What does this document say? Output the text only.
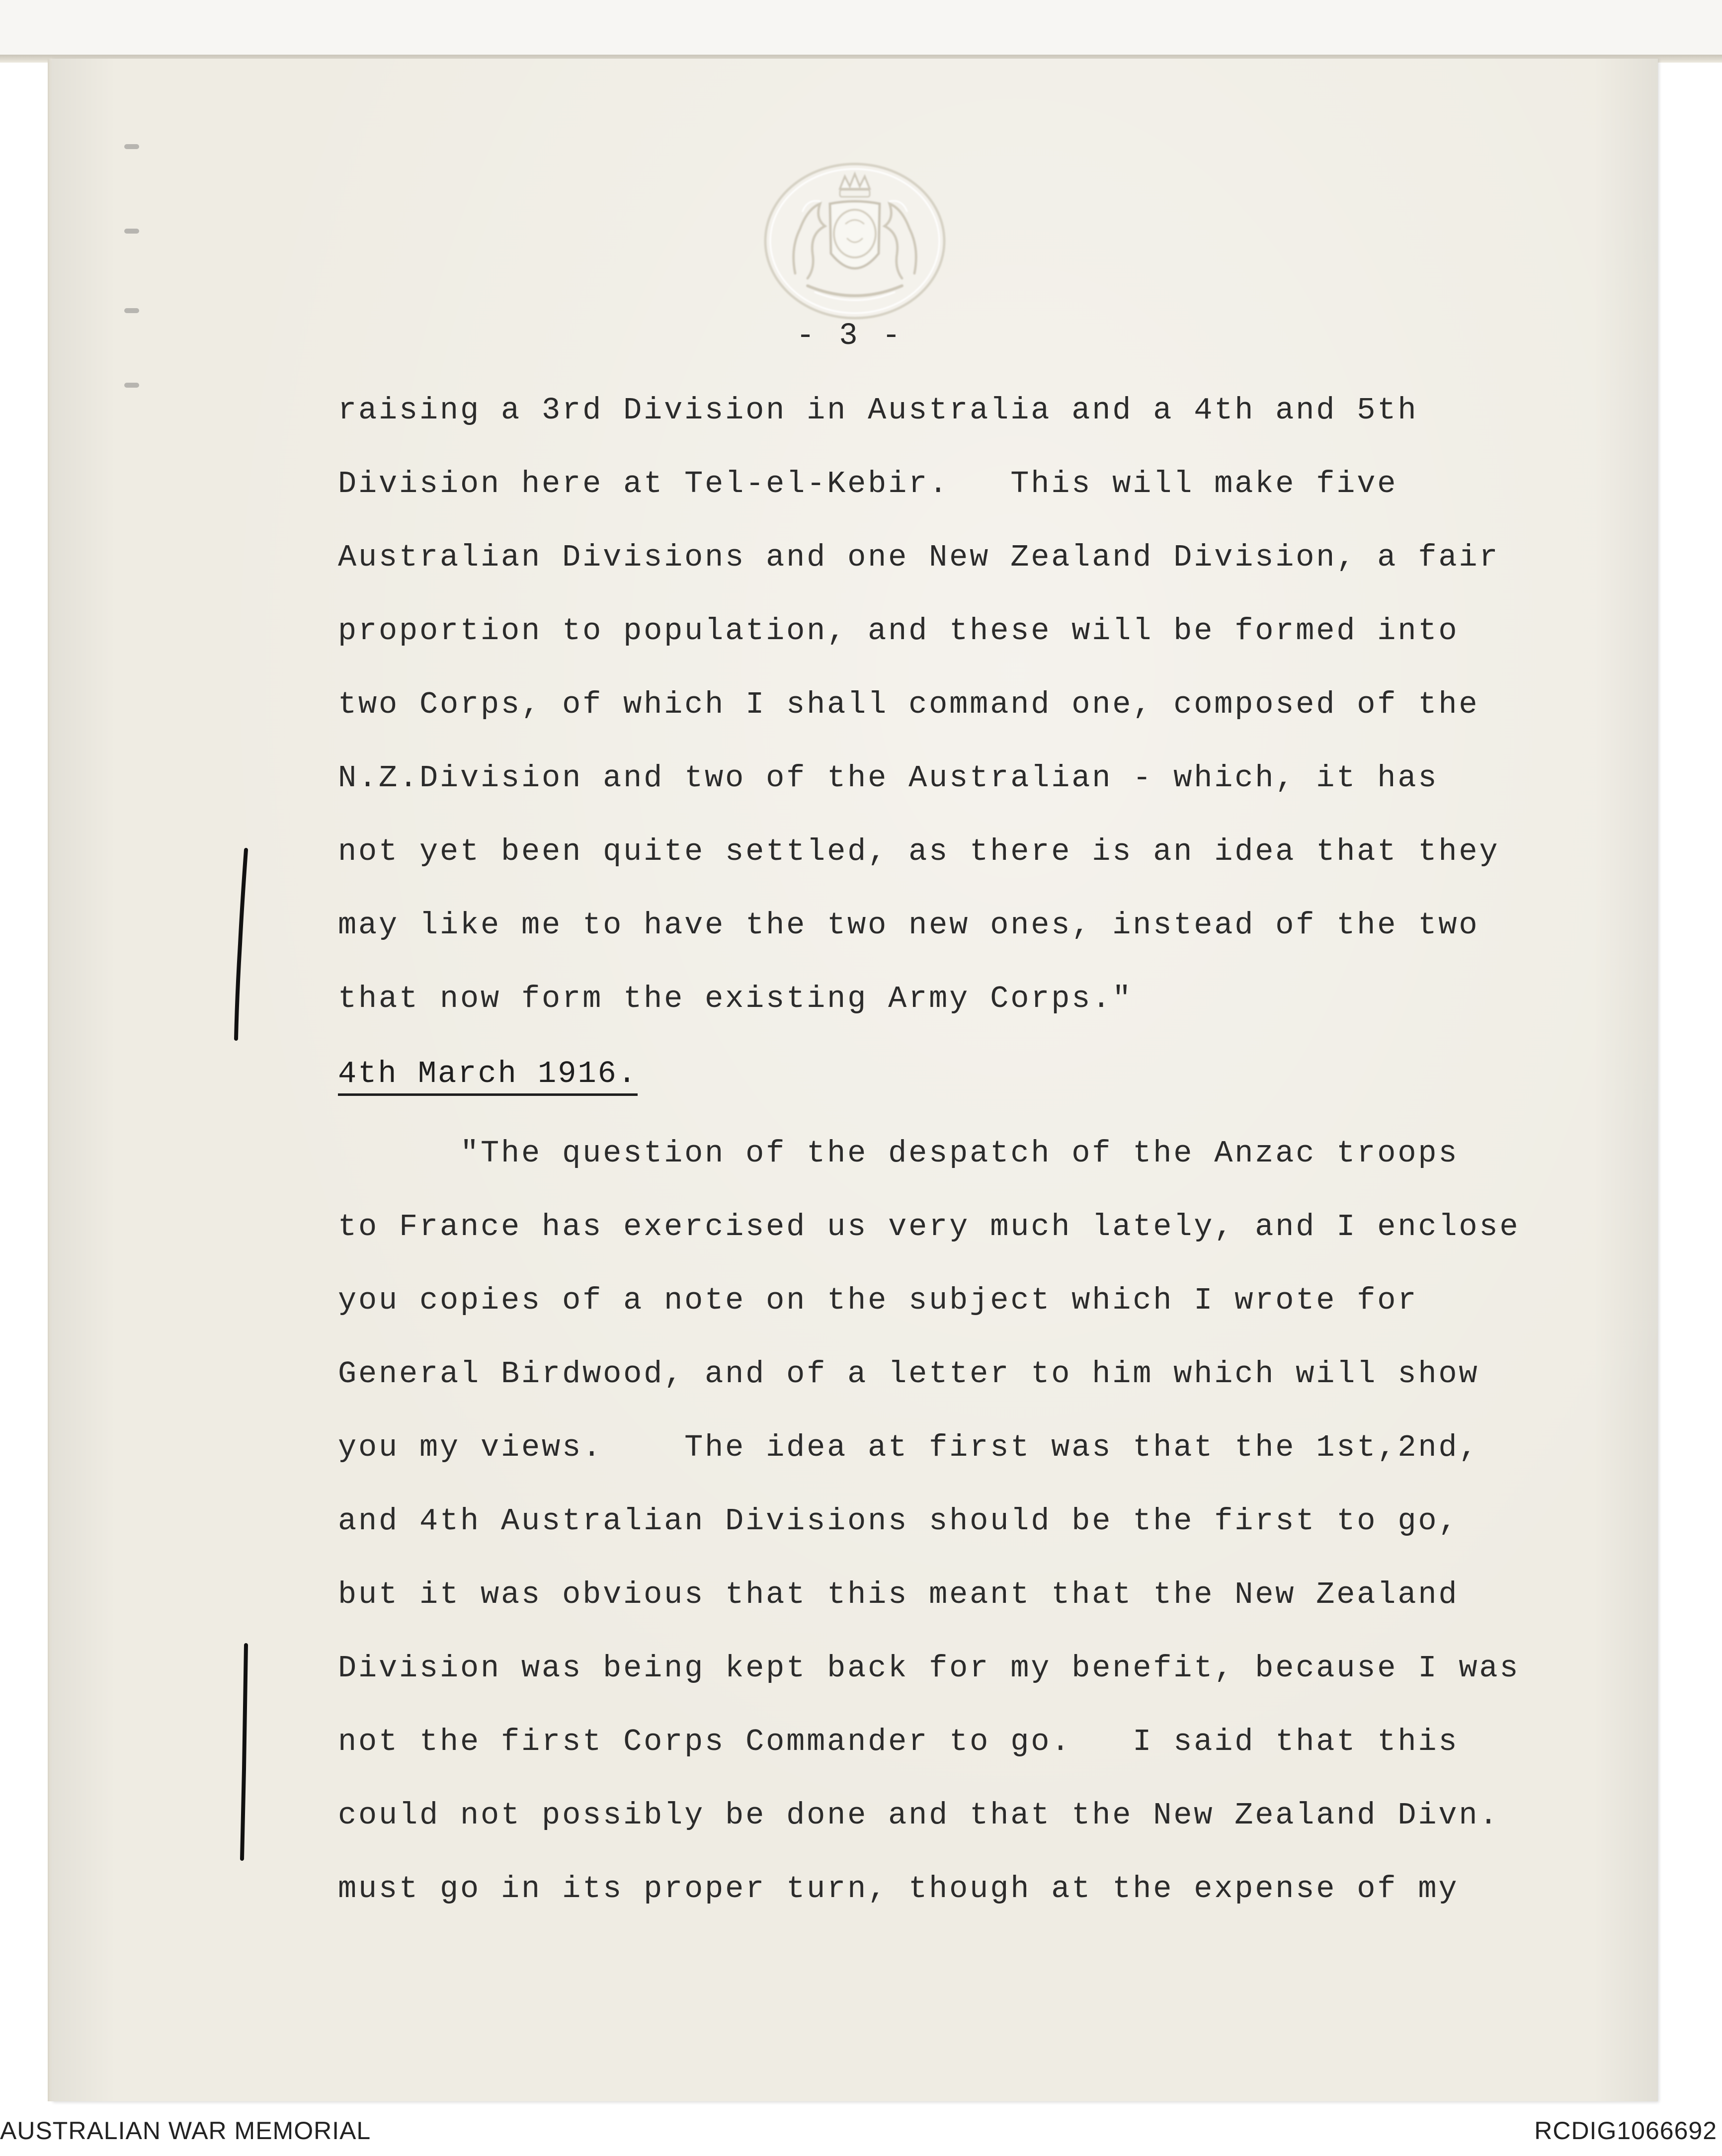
- 3 -

raising a 3rd Division in Australia and a 4th and 5th

Division here at Tel-el-Kebir.   This will make five

Australian Divisions and one New Zealand Division, a fair

proportion to population, and these will be formed into

two Corps, of which I shall command one, composed of the

N.Z.Division and two of the Australian - which, it has

not yet been quite settled, as there is an idea that they

may like me to have the two new ones, instead of the two

that now form the existing Army Corps."

4th March 1916.

"The question of the despatch of the Anzac troops

to France has exercised us very much lately, and I enclose

you copies of a note on the subject which I wrote for

General Birdwood, and of a letter to him which will show

you my views.    The idea at first was that the 1st,2nd,

and 4th Australian Divisions should be the first to go,

but it was obvious that this meant that the New Zealand

Division was being kept back for my benefit, because I was

not the first Corps Commander to go.   I said that this

could not possibly be done and that the New Zealand Divn.

must go in its proper turn, though at the expense of my

AUSTRALIAN WAR MEMORIAL	RCDIG1066692
